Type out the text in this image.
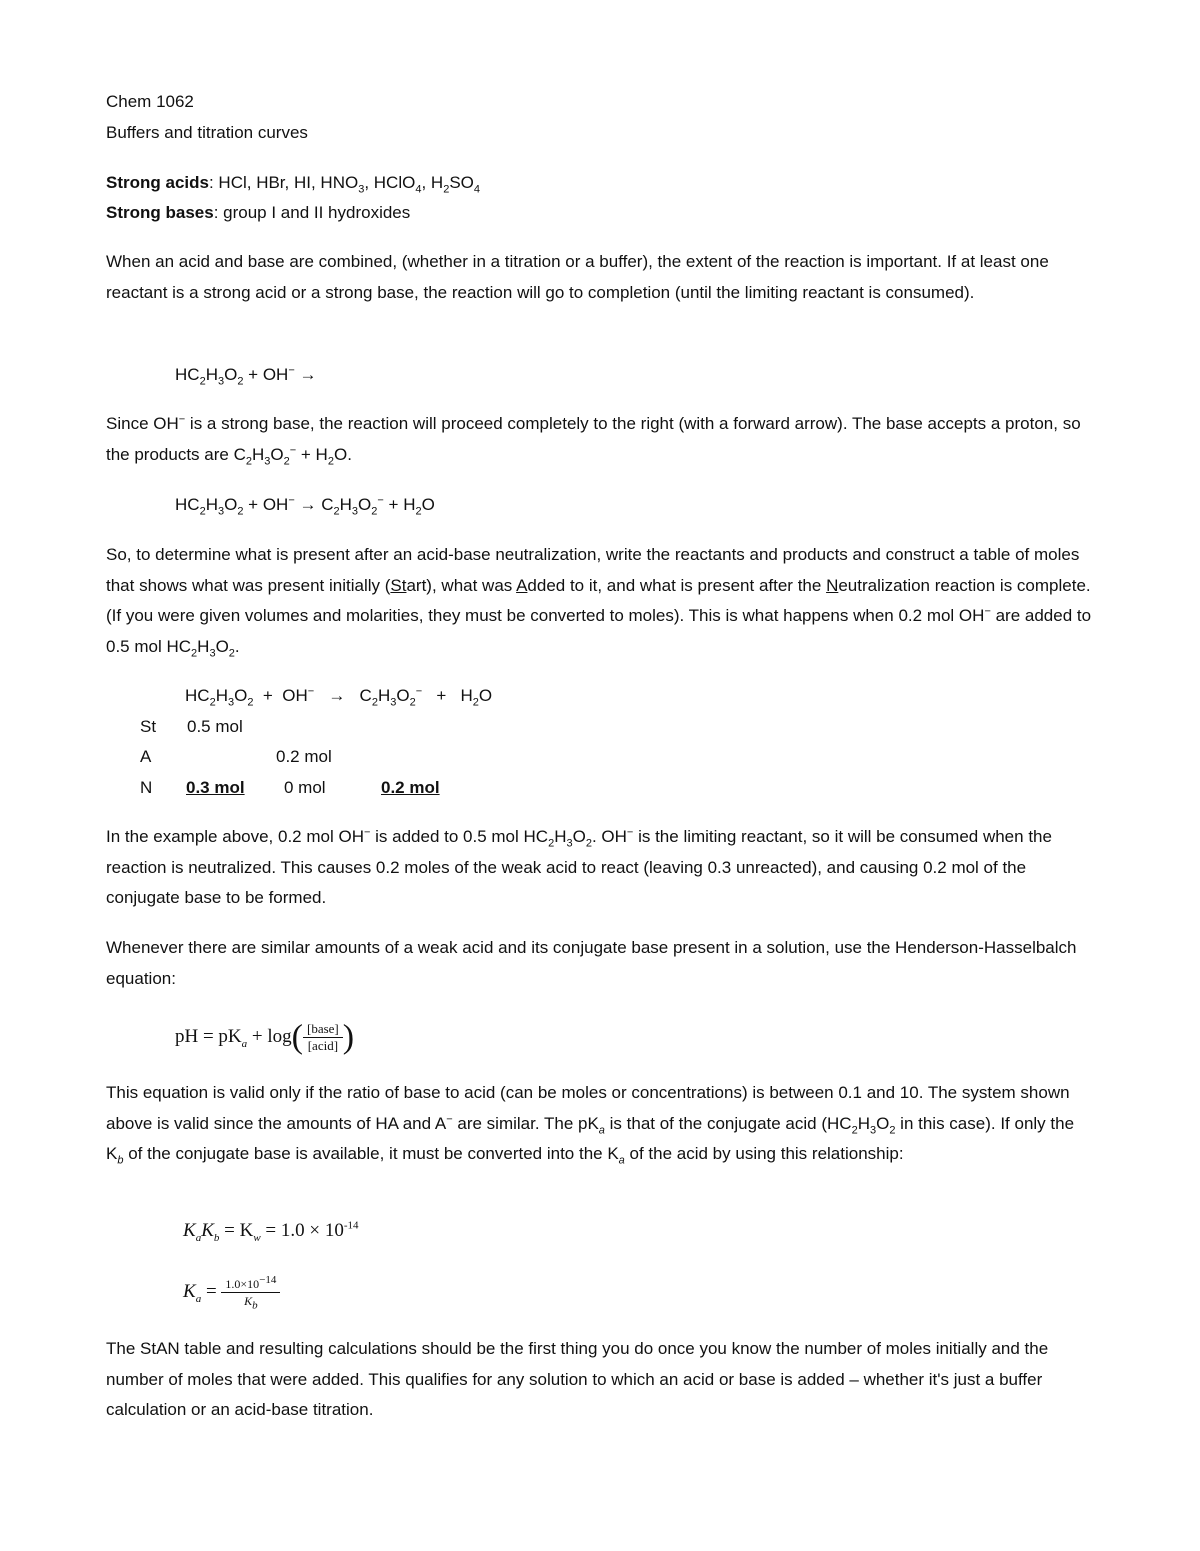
Chem 1062
Buffers and titration curves
Strong acids: HCl, HBr, HI, $HNO_3$, HClO$_4$, $H_2SO_4$
Strong bases: group I and II hydroxides
When an acid and base are combined, (whether in a titration or a buffer), the extent of the reaction is important. If at least one reactant is a strong acid or a strong base, the reaction will go to completion (until the limiting reactant is consumed).
$HC_2H_3O_2 + OH^-$ →
Since OH− is a strong base, the reaction will proceed completely to the right (with a forward arrow). The base accepts a proton, so the products are $C_2H_3O_2^- + H_2O$.
$HC_2H_3O_2 + OH^- \to C_2H_3O_2^- + H_2O$
So, to determine what is present after an acid-base neutralization, write the reactants and products and construct a table of moles that shows what was present initially (Start), what was Added to it, and what is present after the Neutralization reaction is complete. (If you were given volumes and molarities, they must be converted to moles). This is what happens when 0.2 mol OH− are added to 0.5 mol $HC_2H_3O_2$.
$HC_2H_3O_2 + OH^- \to C_2H_3O_2^- + H_2O$
St 0.5 mol
A	0.2 mol
N 0.3 mol 0 mol	0.2 mol
In the example above, 0.2 mol OH− is added to 0.5 mol $HC_2H_3O_2$. OH− is the limiting reactant, so it will be consumed when the reaction is neutralized. This causes 0.2 moles of the weak acid to react (leaving 0.3 unreacted), and causing 0.2 mol of the conjugate base to be formed.
Whenever there are similar amounts of a weak acid and its conjugate base present in a solution, use the Henderson-Hasselbalch equation:
pH = $pK_a + \log( \frac{\text{[base]}}{\text{[acid]}}$ )
This equation is valid only if the ratio of base to acid (can be moles or concentrations) is between 0.1 and 10. The system shown above is valid since the amounts of HA and A− are similar. The $pK_a$ is that of the conjugate acid ($HC_2H_3O_2$ in this case). If only the $K_b$ of the conjugate base is available, it must be converted into the $K_a$ of the acid by using this relationship:
$K_aK_b = K_w = 1.0 \times 10^{-14}$
$K_a = \frac{1.0\times 10^{-14}}{K_b}$
The StAN table and resulting calculations should be the first thing you do once you know the number of moles initially and the number of moles that were added. This qualifies for any solution to which an acid or base is added – whether it's just a buffer calculation or an acid-base titration.
